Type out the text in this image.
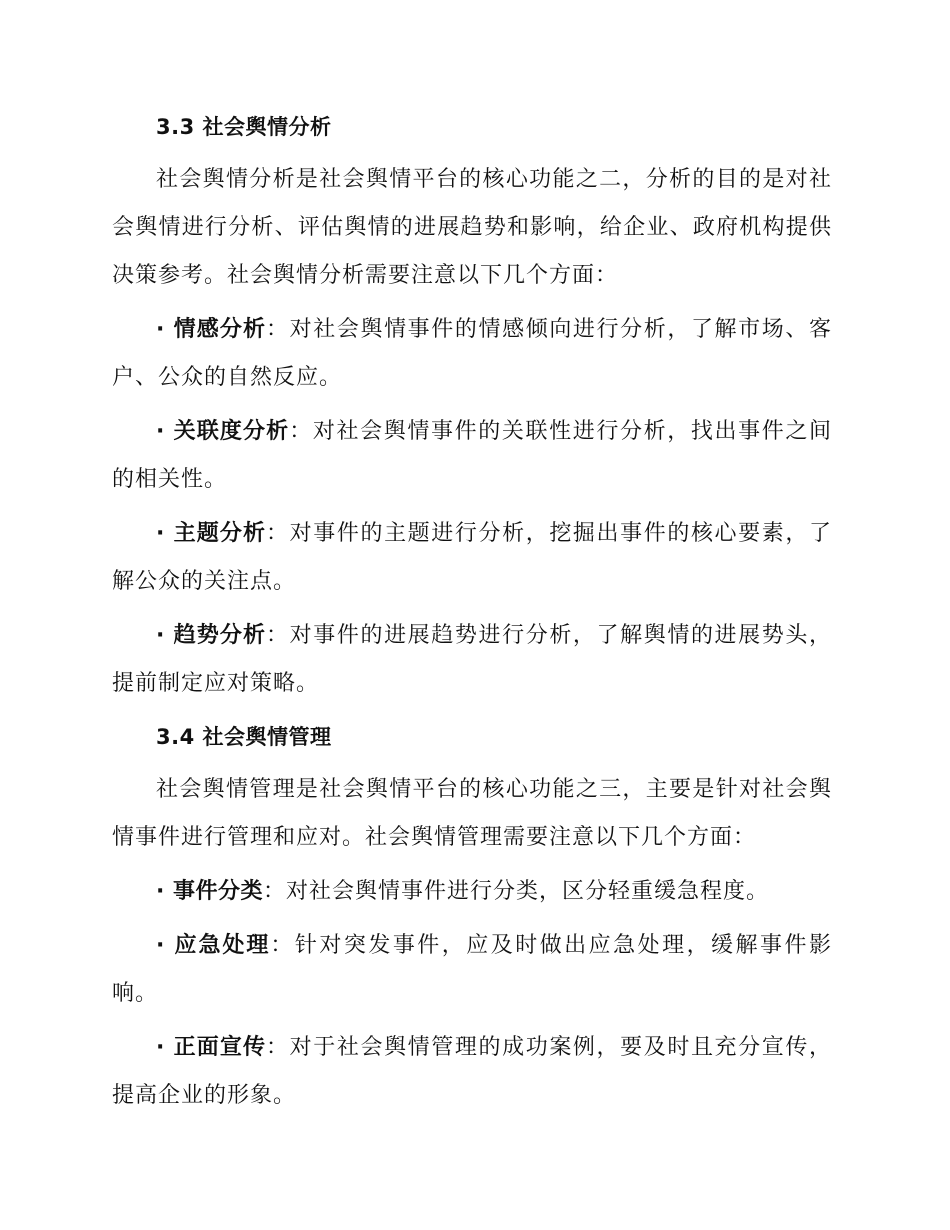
3.3 社会舆情分析

社会舆情分析是社会舆情平台的核心功能之二，分析的目的是对社会舆情进行分析、评估舆情的进展趋势和影响，给企业、政府机构提供决策参考。社会舆情分析需要注意以下几个方面：

· 情感分析：对社会舆情事件的情感倾向进行分析，了解市场、客户、公众的自然反应。

· 关联度分析：对社会舆情事件的关联性进行分析，找出事件之间的相关性。

· 主题分析：对事件的主题进行分析，挖掘出事件的核心要素，了解公众的关注点。

· 趋势分析：对事件的进展趋势进行分析，了解舆情的进展势头，提前制定应对策略。

3.4 社会舆情管理

社会舆情管理是社会舆情平台的核心功能之三，主要是针对社会舆情事件进行管理和应对。社会舆情管理需要注意以下几个方面：

· 事件分类：对社会舆情事件进行分类，区分轻重缓急程度。

· 应急处理：针对突发事件，应及时做出应急处理，缓解事件影响。

· 正面宣传：对于社会舆情管理的成功案例，要及时且充分宣传，提高企业的形象。
